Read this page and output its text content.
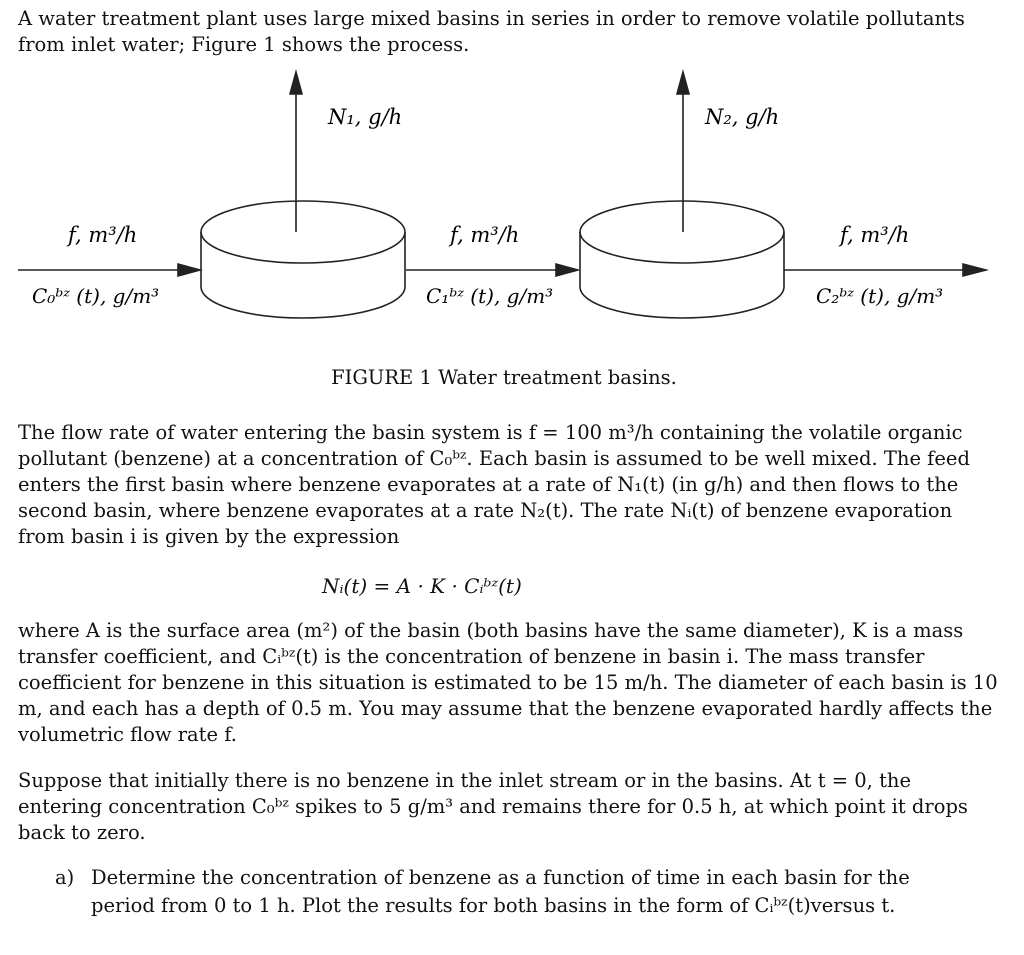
A water treatment plant uses large mixed basins in series in order to remove volatile pollutants from inlet water; Figure 1 shows the process.

N₁, g/h	N₂, g/h
f, m³/h	f, m³/h	f, m³/h
C₀ᵇᶻ (t), g/m³	C₁ᵇᶻ (t), g/m³	C₂ᵇᶻ (t), g/m³
FIGURE 1 Water treatment basins.

The flow rate of water entering the basin system is f = 100 m³/h containing the volatile organic pollutant (benzene) at a concentration of C₀ᵇᶻ. Each basin is assumed to be well mixed. The feed enters the first basin where benzene evaporates at a rate of N₁(t) (in g/h) and then flows to the second basin, where benzene evaporates at a rate N₂(t). The rate Nᵢ(t) of benzene evaporation from basin i is given by the expression

Nᵢ(t) = A · K · Cᵢᵇᶻ(t)

where A is the surface area (m²) of the basin (both basins have the same diameter), K is a mass transfer coefficient, and Cᵢᵇᶻ(t) is the concentration of benzene in basin i. The mass transfer coefficient for benzene in this situation is estimated to be 15 m/h. The diameter of each basin is 10 m, and each has a depth of 0.5 m. You may assume that the benzene evaporated hardly affects the volumetric flow rate f.

Suppose that initially there is no benzene in the inlet stream or in the basins. At t = 0, the entering concentration C₀ᵇᶻ spikes to 5 g/m³ and remains there for 0.5 h, at which point it drops back to zero.

a) Determine the concentration of benzene as a function of time in each basin for the period from 0 to 1 h. Plot the results for both basins in the form of Cᵢᵇᶻ(t)versus t.
